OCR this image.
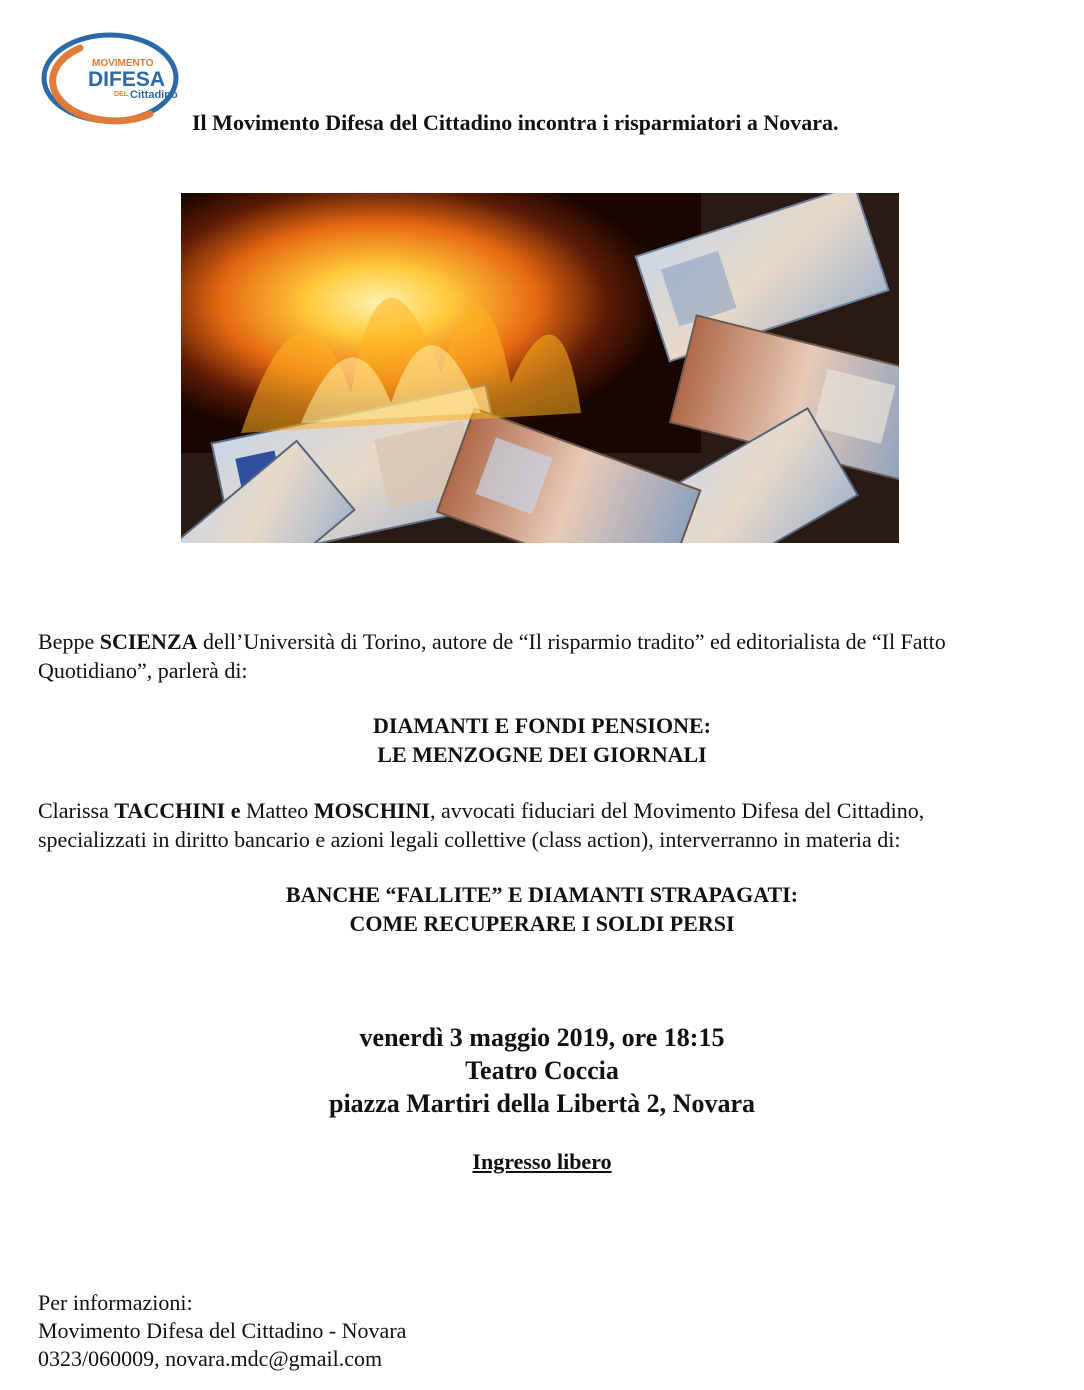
MOVIMENTO
DIFESA
DEL Cittadino
Il Movimento Difesa del Cittadino incontra i risparmiatori a Novara.
Beppe SCIENZA dell’Università di Torino, autore de “Il risparmio tradito” ed editorialista de “Il Fatto
Quotidiano”, parlerà di:
DIAMANTI E FONDI PENSIONE:
LE MENZOGNE DEI GIORNALI
Clarissa TACCHINI e Matteo MOSCHINI, avvocati fiduciari del Movimento Difesa del Cittadino,
specializzati in diritto bancario e azioni legali collettive (class action), interverranno in materia di:
BANCHE “FALLITE” E DIAMANTI STRAPAGATI:
COME RECUPERARE I SOLDI PERSI
venerdì 3 maggio 2019, ore 18:15
Teatro Coccia
piazza Martiri della Libertà 2, Novara
Ingresso libero
Per informazioni:
Movimento Difesa del Cittadino - Novara
0323/060009, novara.mdc@gmail.com
